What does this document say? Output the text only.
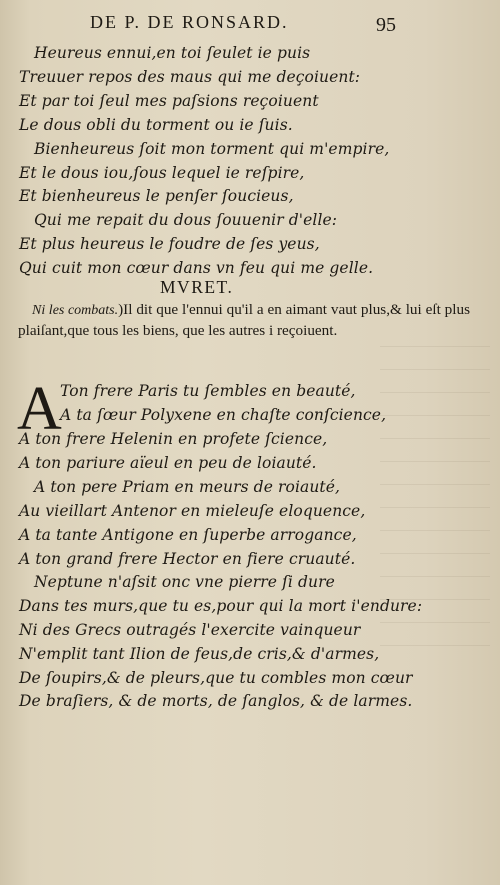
DE P. DE RONSARD.	95
Heureus ennui,en toi ſeulet ie puis
Treuuer repos des maus qui me deçoiuent:
Et par toi ſeul mes paſsions reçoiuent
Le dous obli du torment ou ie ſuis.
Bienheureus ſoit mon torment qui m'empire,
Et le dous iou,ſous lequel ie reſpire,
Et bienheureus le penſer ſoucieus,
Qui me repait du dous ſouuenir d'elle:
Et plus heureus le foudre de ſes yeus,
Qui cuit mon cœur dans vn feu qui me gelle.
MVRET.
Ni les combats.)Il dit que l'ennui qu'il a en aimant vaut plus,& lui eſt plus plaiſant,que tous les biens, que les autres i reçoiuent.
A
Ton frere Paris tu ſembles en beauté,
A ta ſœur Polyxene en chaſte conſcience,
A ton frere Helenin en profete ſcience,
A ton pariure aïeul en peu de loiauté.
A ton pere Priam en meurs de roiauté,
Au vieillart Antenor en mieleuſe eloquence,
A ta tante Antigone en ſuperbe arrogance,
A ton grand frere Hector en fiere cruauté.
Neptune n'aſsit onc vne pierre ſi dure
Dans tes murs,que tu es,pour qui la mort i'endure:
Ni des Grecs outragés l'exercite vainqueur
N'emplit tant Ilion de feus,de cris,& d'armes,
De ſoupirs,& de pleurs,que tu combles mon cœur
De braſiers, & de morts, de ſanglos, & de larmes.
